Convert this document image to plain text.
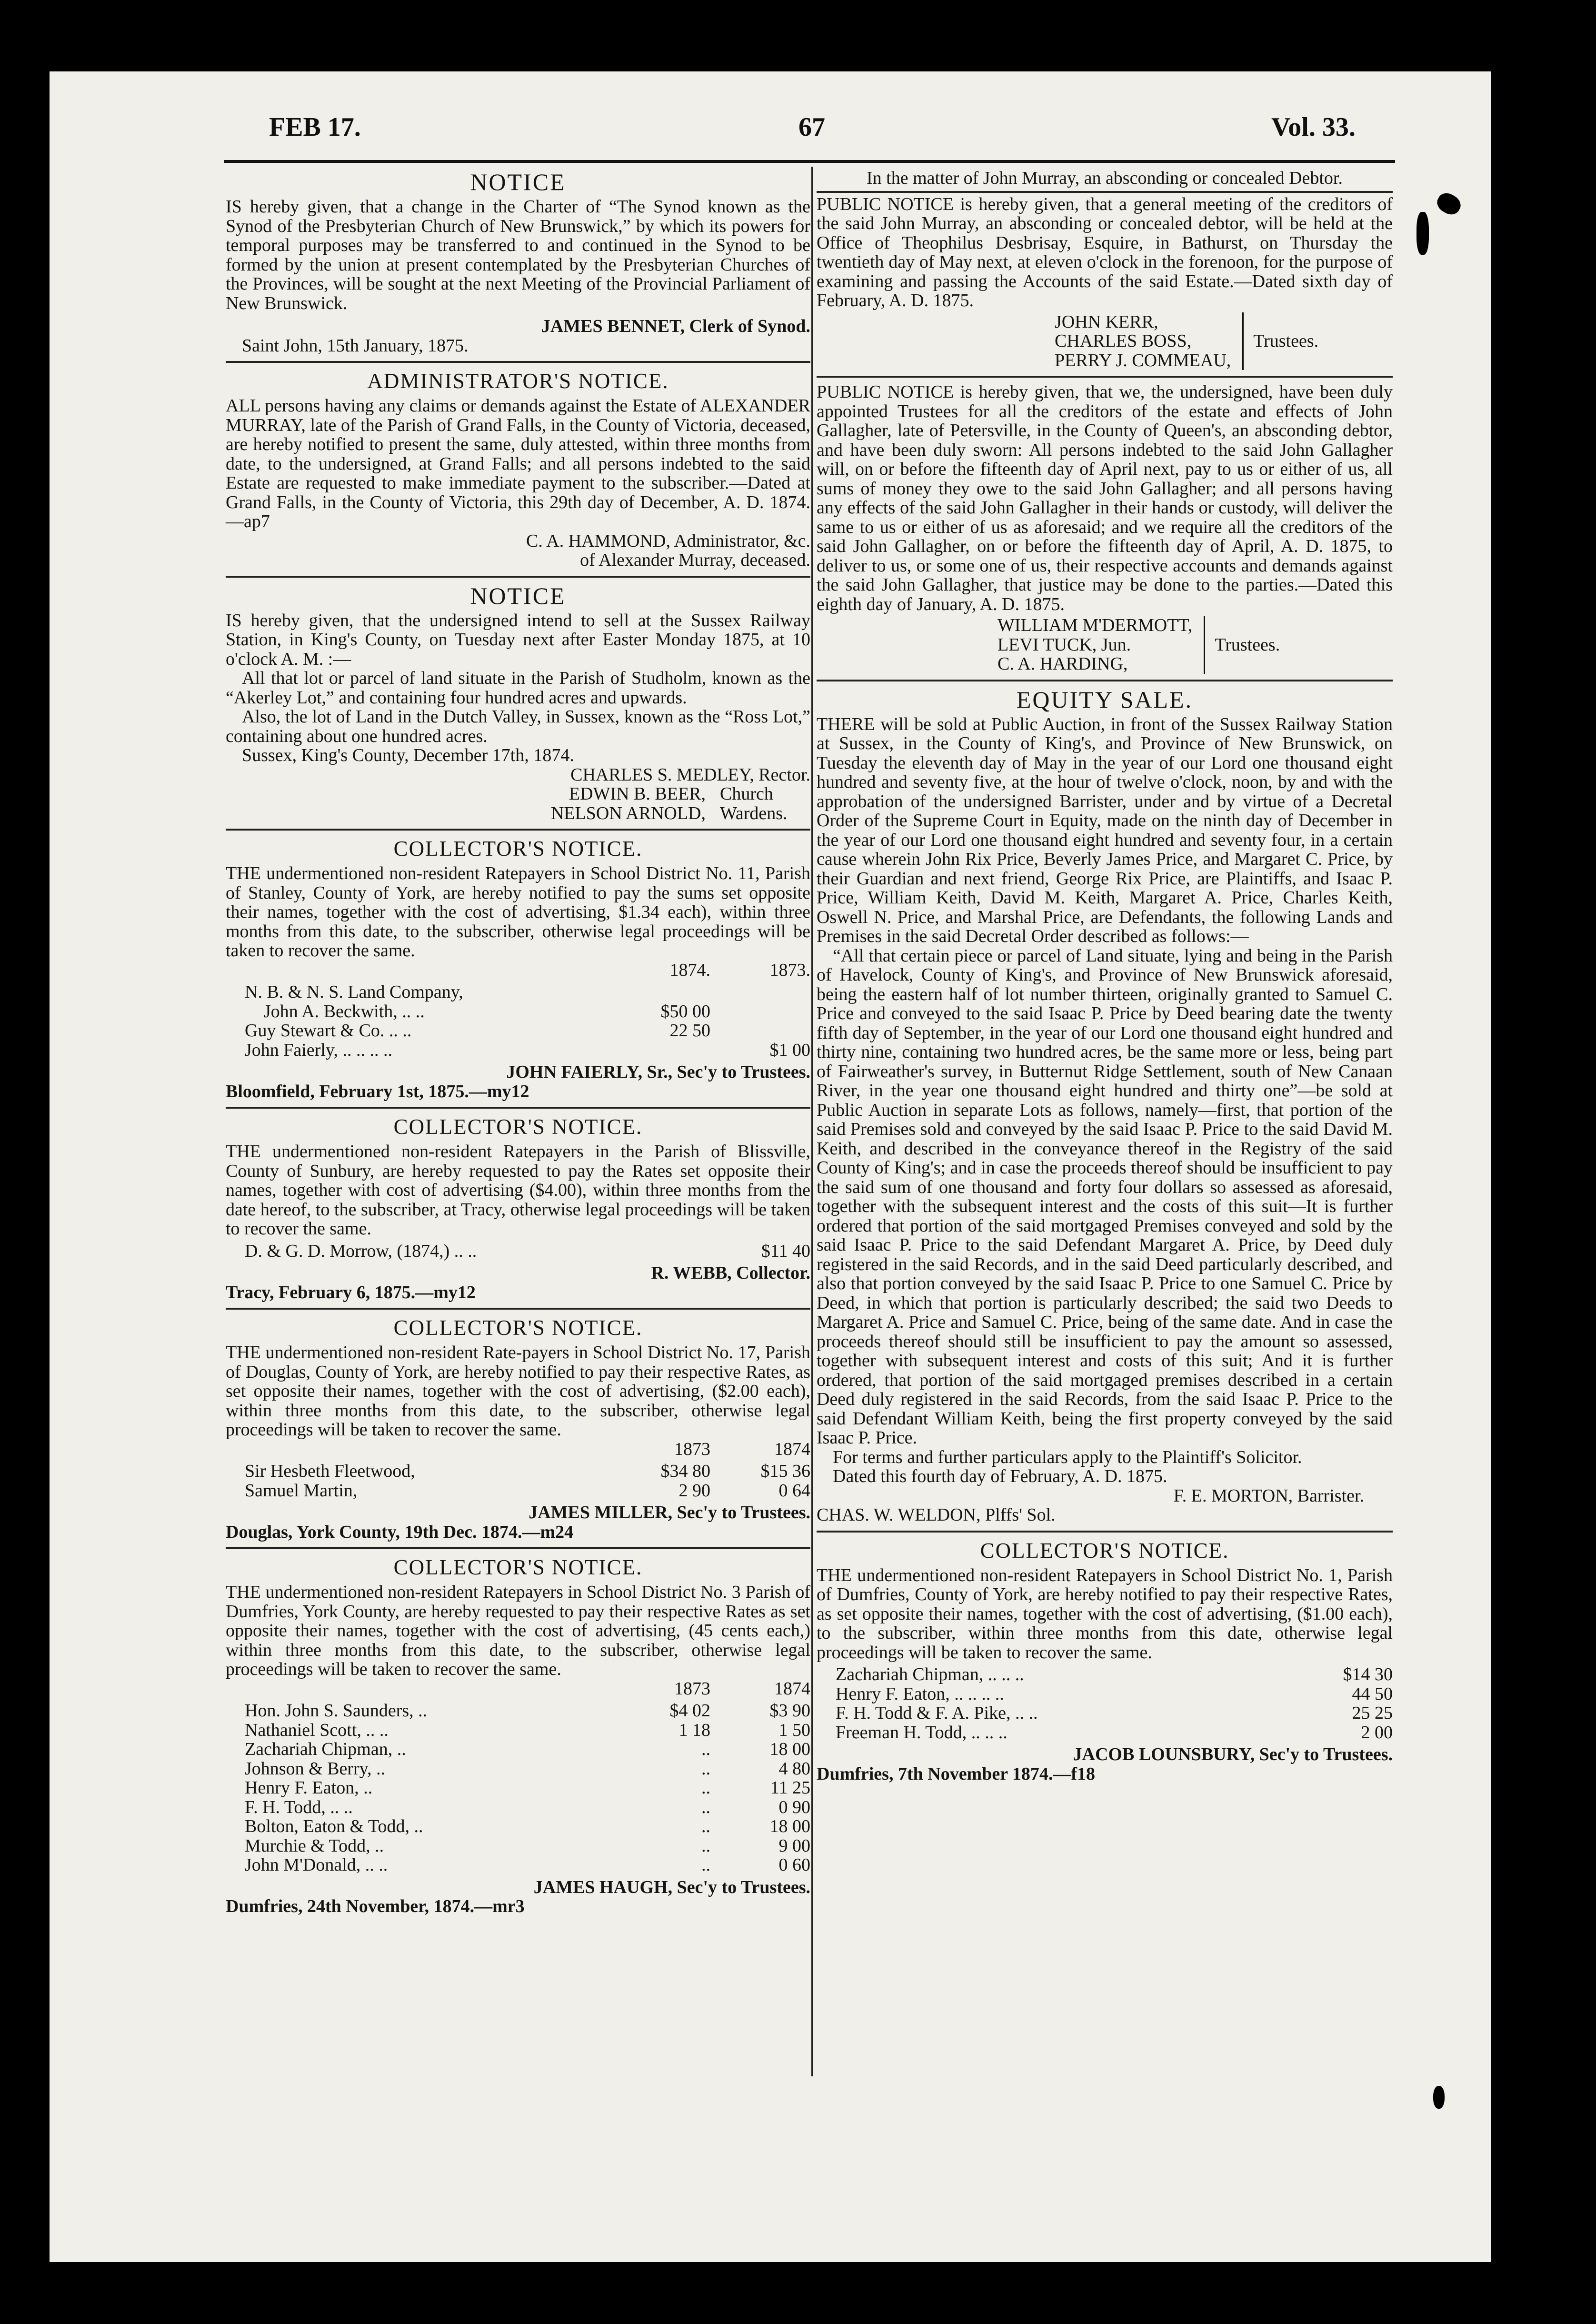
FEB 17.	67	Vol. 33.
NOTICE

IS hereby given, that a change in the Charter of “The Synod known as the Synod of the Presbyterian Church of New Brunswick,” by which its powers for temporal purposes may be transferred to and continued in the Synod to be formed by the union at present contemplated by the Presbyterian Churches of the Provinces, will be sought at the next Meeting of the Provincial Parliament of New Brunswick.

JAMES BENNET, Clerk of Synod.
Saint John, 15th January, 1875.
ADMINISTRATOR'S NOTICE.

ALL persons having any claims or demands against the Estate of ALEXANDER MURRAY, late of the Parish of Grand Falls, in the County of Victoria, deceased, are hereby notified to present the same, duly attested, within three months from date, to the undersigned, at Grand Falls; and all persons indebted to the said Estate are requested to make immediate payment to the subscriber.—Dated at Grand Falls, in the County of Victoria, this 29th day of December, A. D. 1874.—ap7

C. A. HAMMOND, Administrator, &c.
of Alexander Murray, deceased.
NOTICE

IS hereby given, that the undersigned intend to sell at the Sussex Railway Station, in King's County, on Tuesday next after Easter Monday 1875, at 10 o'clock A. M. :—

All that lot or parcel of land situate in the Parish of Studholm, known as the “Akerley Lot,” and containing four hundred acres and upwards.

Also, the lot of Land in the Dutch Valley, in Sussex, known as the “Ross Lot,” containing about one hundred acres.

Sussex, King's County, December 17th, 1874.
CHARLES S. MEDLEY, Rector.
EDWIN B. BEER,
NELSON ARNOLD,
Church Wardens.
COLLECTOR'S NOTICE.

THE undermentioned non-resident Ratepayers in School District No. 11, Parish of Stanley, County of York, are hereby notified to pay the sums set opposite their names, together with the cost of advertising, $1.34 each), within three months from this date, to the subscriber, otherwise legal proceedings will be taken to recover the same.

1874.	1873.
N. B. & N. S. Land Company,
John A. Beckwith, .. ..	$50 00
Guy Stewart & Co. .. ..	22 50
John Faierly, .. .. .. ..	$1 00
JOHN FAIERLY, Sr., Sec'y to Trustees.
Bloomfield, February 1st, 1875.—my12
COLLECTOR'S NOTICE.

THE undermentioned non-resident Ratepayers in the Parish of Blissville, County of Sunbury, are hereby requested to pay the Rates set opposite their names, together with cost of advertising ($4.00), within three months from the date hereof, to the subscriber, at Tracy, otherwise legal proceedings will be taken to recover the same.

D. & G. D. Morrow, (1874,) .. ..	$11 40
R. WEBB, Collector.
Tracy, February 6, 1875.—my12
COLLECTOR'S NOTICE.

THE undermentioned non-resident Rate-payers in School District No. 17, Parish of Douglas, County of York, are hereby notified to pay their respective Rates, as set opposite their names, together with the cost of advertising, ($2.00 each), within three months from this date, to the subscriber, otherwise legal proceedings will be taken to recover the same.

1873	1874
Sir Hesbeth Fleetwood,	$34 80	$15 36
Samuel Martin,	2 90	0 64
JAMES MILLER, Sec'y to Trustees.
Douglas, York County, 19th Dec. 1874.—m24
COLLECTOR'S NOTICE.

THE undermentioned non-resident Ratepayers in School District No. 3 Parish of Dumfries, York County, are hereby requested to pay their respective Rates as set opposite their names, together with the cost of advertising, (45 cents each,) within three months from this date, to the subscriber, otherwise legal proceedings will be taken to recover the same.

1873	1874
Hon. John S. Saunders, ..	$4 02	$3 90
Nathaniel Scott, .. ..	1 18	1 50
Zachariah Chipman, ..	..	18 00
Johnson & Berry, ..	..	4 80
Henry F. Eaton, ..	..	11 25
F. H. Todd, .. ..	..	0 90
Bolton, Eaton & Todd, ..	..	18 00
Murchie & Todd, ..	..	9 00
John M'Donald, .. ..	..	0 60
JAMES HAUGH, Sec'y to Trustees.
Dumfries, 24th November, 1874.—mr3
In the matter of John Murray, an absconding or concealed Debtor.

PUBLIC NOTICE is hereby given, that a general meeting of the creditors of the said John Murray, an absconding or concealed debtor, will be held at the Office of Theophilus Desbrisay, Esquire, in Bathurst, on Thursday the twentieth day of May next, at eleven o'clock in the forenoon, for the purpose of examining and passing the Accounts of the said Estate.—Dated sixth day of February, A. D. 1875.

JOHN KERR,
CHARLES BOSS,
PERRY J. COMMEAU,
Trustees.

PUBLIC NOTICE is hereby given, that we, the undersigned, have been duly appointed Trustees for all the creditors of the estate and effects of John Gallagher, late of Petersville, in the County of Queen's, an absconding debtor, and have been duly sworn: All persons indebted to the said John Gallagher will, on or before the fifteenth day of April next, pay to us or either of us, all sums of money they owe to the said John Gallagher; and all persons having any effects of the said John Gallagher in their hands or custody, will deliver the same to us or either of us as aforesaid; and we require all the creditors of the said John Gallagher, on or before the fifteenth day of April, A. D. 1875, to deliver to us, or some one of us, their respective accounts and demands against the said John Gallagher, that justice may be done to the parties.—Dated this eighth day of January, A. D. 1875.

WILLIAM M'DERMOTT,
LEVI TUCK, Jun.
C. A. HARDING,
Trustees.
EQUITY SALE.

THERE will be sold at Public Auction, in front of the Sussex Railway Station at Sussex, in the County of King's, and Province of New Brunswick, on Tuesday the eleventh day of May in the year of our Lord one thousand eight hundred and seventy five, at the hour of twelve o'clock, noon, by and with the approbation of the undersigned Barrister, under and by virtue of a Decretal Order of the Supreme Court in Equity, made on the ninth day of December in the year of our Lord one thousand eight hundred and seventy four, in a certain cause wherein John Rix Price, Beverly James Price, and Margaret C. Price, by their Guardian and next friend, George Rix Price, are Plaintiffs, and Isaac P. Price, William Keith, David M. Keith, Margaret A. Price, Charles Keith, Oswell N. Price, and Marshal Price, are Defendants, the following Lands and Premises in the said Decretal Order described as follows:—

“All that certain piece or parcel of Land situate, lying and being in the Parish of Havelock, County of King's, and Province of New Brunswick aforesaid, being the eastern half of lot number thirteen, originally granted to Samuel C. Price and conveyed to the said Isaac P. Price by Deed bearing date the twenty fifth day of September, in the year of our Lord one thousand eight hundred and thirty nine, containing two hundred acres, be the same more or less, being part of Fairweather's survey, in Butternut Ridge Settlement, south of New Canaan River, in the year one thousand eight hundred and thirty one”—be sold at Public Auction in separate Lots as follows, namely—first, that portion of the said Premises sold and conveyed by the said Isaac P. Price to the said David M. Keith, and described in the conveyance thereof in the Registry of the said County of King's; and in case the proceeds thereof should be insufficient to pay the said sum of one thousand and forty four dollars so assessed as aforesaid, together with the subsequent interest and the costs of this suit—It is further ordered that portion of the said mortgaged Premises conveyed and sold by the said Isaac P. Price to the said Defendant Margaret A. Price, by Deed duly registered in the said Records, and in the said Deed particularly described, and also that portion conveyed by the said Isaac P. Price to one Samuel C. Price by Deed, in which that portion is particularly described; the said two Deeds to Margaret A. Price and Samuel C. Price, being of the same date. And in case the proceeds thereof should still be insufficient to pay the amount so assessed, together with subsequent interest and costs of this suit; And it is further ordered, that portion of the said mortgaged premises described in a certain Deed duly registered in the said Records, from the said Isaac P. Price to the said Defendant William Keith, being the first property conveyed by the said Isaac P. Price.

For terms and further particulars apply to the Plaintiff's Solicitor.

Dated this fourth day of February, A. D. 1875.
F. E. MORTON, Barrister.
CHAS. W. WELDON, Plffs' Sol.
COLLECTOR'S NOTICE.

THE undermentioned non-resident Ratepayers in School District No. 1, Parish of Dumfries, County of York, are hereby notified to pay their respective Rates, as set opposite their names, together with the cost of advertising, ($1.00 each), to the subscriber, within three months from this date, otherwise legal proceedings will be taken to recover the same.

Zachariah Chipman, .. .. ..	$14 30
Henry F. Eaton, .. .. .. ..	44 50
F. H. Todd & F. A. Pike, .. ..	25 25
Freeman H. Todd, .. .. ..	2 00
JACOB LOUNSBURY, Sec'y to Trustees.
Dumfries, 7th November 1874.—f18
